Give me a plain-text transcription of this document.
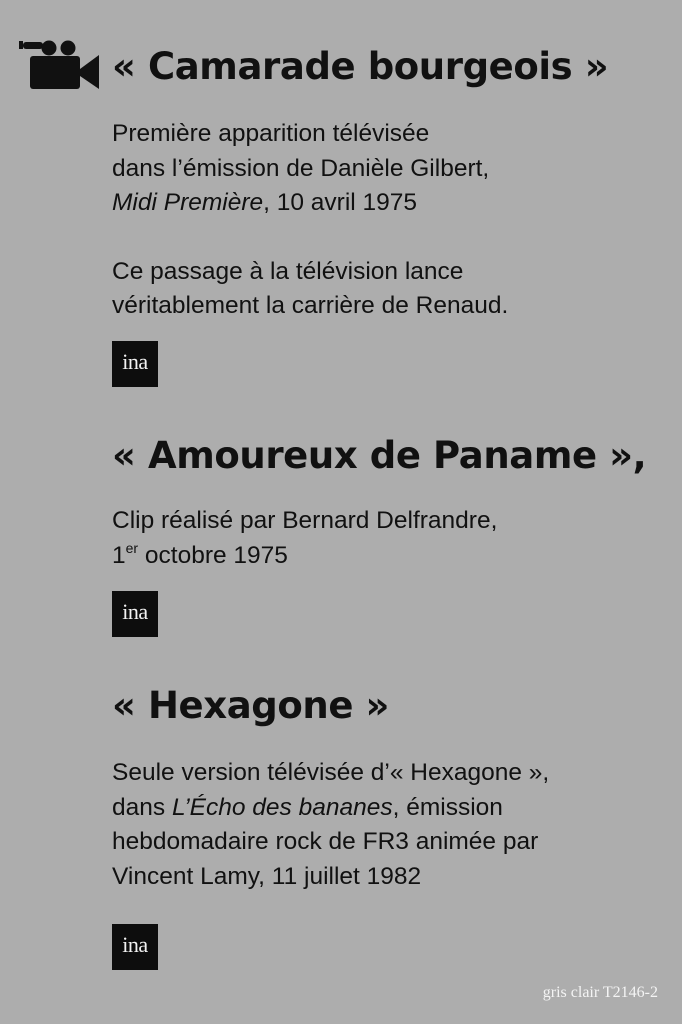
« Camarade bourgeois »
Première apparition télévisée
dans l’émission de Danièle Gilbert,
Midi Première, 10 avril 1975
Ce passage à la télévision lance
véritablement la carrière de Renaud.
ina
« Amoureux de Paname »,
Clip réalisé par Bernard Delfrandre,
1er octobre 1975
ina
« Hexagone »
Seule version télévisée d’« Hexagone »,
dans L’Écho des bananes, émission
hebdomadaire rock de FR3 animée par
Vincent Lamy, 11 juillet 1982
ina
gris clair T2146-2
